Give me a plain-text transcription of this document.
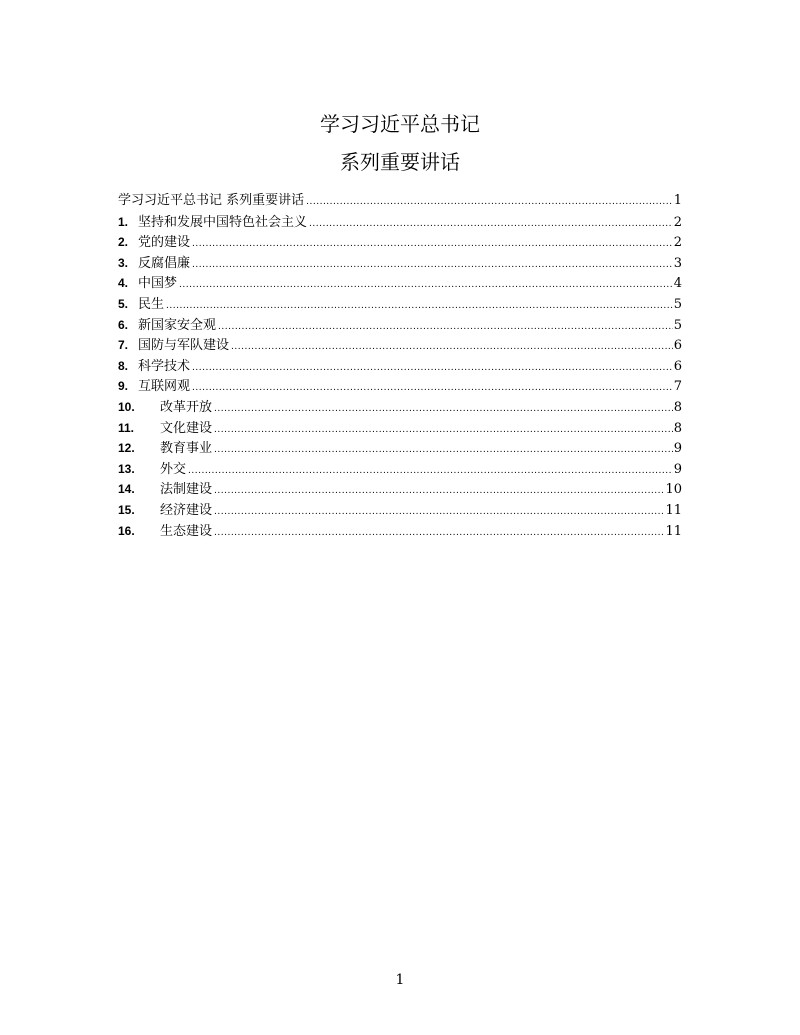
学习习近平总书记
系列重要讲话
学习习近平总书记 系列重要讲话 .....	1
1. 坚持和发展中国特色社会主义 .....	2
2. 党的建设 .....	2
3. 反腐倡廉 .....	3
4. 中国梦 .....	4
5. 民生 .....	5
6. 新国家安全观 .....	5
7. 国防与军队建设 .....	6
8. 科学技术 .....	6
9. 互联网观 .....	7
10.	改革开放 .....	8
11.	文化建设 .....	8
12.	教育事业 .....	9
13.	外交 .....	9
14.	法制建设 .....	10
15.	经济建设 .....	11
16.	生态建设 .....	11

1
